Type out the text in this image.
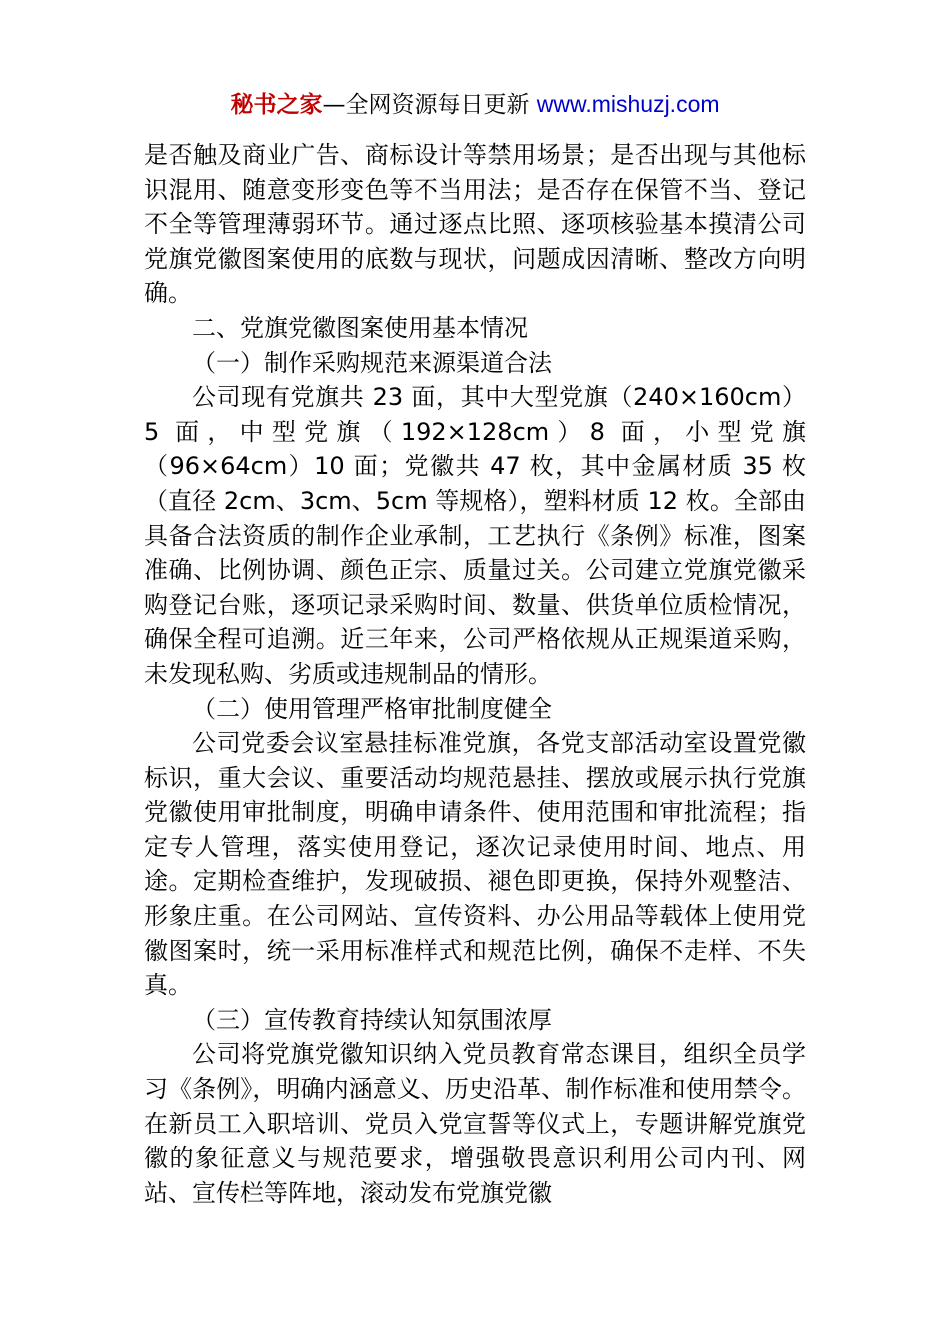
秘书之家—全网资源每日更新 www.mishuzj.com

是否触及商业广告、商标设计等禁用场景；是否出现与其他标识混用、随意变形变色等不当用法；是否存在保管不当、登记不全等管理薄弱环节。通过逐点比照、逐项核验基本摸清公司党旗党徽图案使用的底数与现状，问题成因清晰、整改方向明确。

二、党旗党徽图案使用基本情况

（一）制作采购规范来源渠道合法

公司现有党旗共 23 面，其中大型党旗（240×160cm）5 面，中型党旗（192×128cm）8 面，小型党旗（96×64cm）10 面；党徽共 47 枚，其中金属材质 35 枚（直径 2cm、3cm、5cm 等规格），塑料材质 12 枚。全部由具备合法资质的制作企业承制，工艺执行《条例》标准，图案准确、比例协调、颜色正宗、质量过关。公司建立党旗党徽采购登记台账，逐项记录采购时间、数量、供货单位质检情况，确保全程可追溯。近三年来，公司严格依规从正规渠道采购，未发现私购、劣质或违规制品的情形。

（二）使用管理严格审批制度健全

公司党委会议室悬挂标准党旗，各党支部活动室设置党徽标识，重大会议、重要活动均规范悬挂、摆放或展示执行党旗党徽使用审批制度，明确申请条件、使用范围和审批流程；指定专人管理，落实使用登记，逐次记录使用时间、地点、用途。定期检查维护，发现破损、褪色即更换，保持外观整洁、形象庄重。在公司网站、宣传资料、办公用品等载体上使用党徽图案时，统一采用标准样式和规范比例，确保不走样、不失真。

（三）宣传教育持续认知氛围浓厚

公司将党旗党徽知识纳入党员教育常态课目，组织全员学习《条例》，明确内涵意义、历史沿革、制作标准和使用禁令。在新员工入职培训、党员入党宣誓等仪式上，专题讲解党旗党徽的象征意义与规范要求，增强敬畏意识利用公司内刊、网站、宣传栏等阵地，滚动发布党旗党徽
